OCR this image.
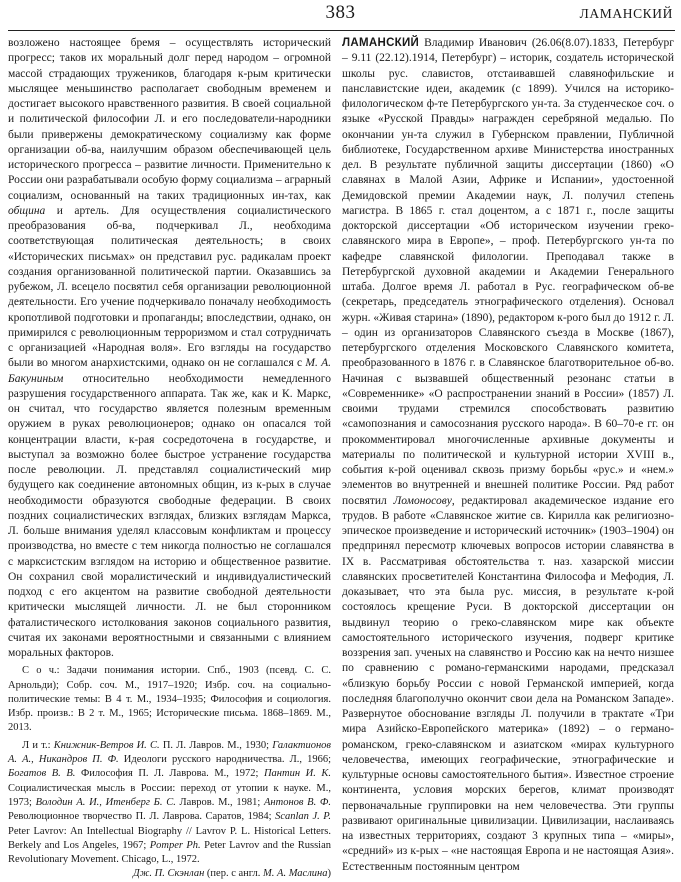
383	ЛАМАНСКИЙ

возложено настоящее бремя – осуществлять исторический прогресс; таков их моральный долг перед народом – огромной массой страдающих тружеников, благодаря к-рым критически мыслящее меньшинство располагает свободным временем и достигает высокого нравственного развития. В своей социальной и политической философии Л. и его последователи-народники были привержены демократическому социализму как форме организации об-ва, наилучшим образом обеспечивающей цель исторического прогресса – развитие личности. Применительно к России они разрабатывали особую форму социализма – аграрный социализм, основанный на таких традиционных ин-тах, как община и артель. Для осуществления социалистического преобразования об-ва, подчеркивал Л., необходима соответствующая политическая деятельность; в своих «Исторических письмах» он представил рус. радикалам проект создания организованной политической партии. Оказавшись за рубежом, Л. всецело посвятил себя организации революционной деятельности. Его учение подчеркивало поначалу необходимость кропотливой подготовки и пропаганды; впоследствии, однако, он примирился с революционным терроризмом и стал сотрудничать с организацией «Народная воля». Его взгляды на государство были во многом анархистскими, однако он не соглашался с М. А. Бакуниным относительно необходимости немедленного разрушения государственного аппарата. Так же, как и К. Маркс, он считал, что государство является полезным временным оружием в руках революционеров; однако он опасался той концентрации власти, к-рая сосредоточена в государстве, и выступал за возможно более быстрое устранение государства после революции. Л. представлял социалистический мир будущего как соединение автономных общин, из к-рых в случае необходимости образуются свободные федерации. В своих поздних социалистических взглядах, близких взглядам Маркса, Л. больше внимания уделял классовым конфликтам и процессу производства, но вместе с тем никогда полностью не соглашался с марксистским взглядом на историю и общественное развитие. Он сохранил свой моралистический и индивидуалистический подход с его акцентом на развитие свободной деятельности критически мыслящей личности. Л. не был сторонником фаталистического истолкования законов социального развития, считая их законами вероятностными и связанными с влиянием моральных факторов.

С о ч.: Задачи понимания истории. Спб., 1903 (псевд. С. С. Арнольди); Собр. соч. М., 1917–1920; Избр. соч. на социально-политические темы: В 4 т. М., 1934–1935; Философия и социология. Избр. произв.: В 2 т. М., 1965; Исторические письма. 1868–1869. М., 2013.

Л и т.: Книжник-Ветров И. С. П. Л. Лавров. М., 1930; Галактионов А. А., Никандров П. Ф. Идеологи русского народничества. Л., 1966; Богатов В. В. Философия П. Л. Лаврова. М., 1972; Пантин И. К. Социалистическая мысль в России: переход от утопии к науке. М., 1973; Володин А. И., Итенберг Б. С. Лавров. М., 1981; Антонов В. Ф. Революционное творчество П. Л. Лаврова. Саратов, 1984; Scanlan J. P. Peter Lavrov: An Intellectual Biography // Lavrov P. L. Historical Letters. Berkely and Los Angeles, 1967; Pomper Ph. Peter Lavrov and the Russian Revolutionary Movement. Chicago, L., 1972.

Дж. П. Скэнлан (пер. с англ. М. А. Маслина)

ЛАМАНСКИЙ Владимир Иванович (26.06(8.07).1833, Петербург – 9.11 (22.12).1914, Петербург) – историк, создатель исторической школы рус. славистов, отстаивавшей славянофильские и панславистские идеи, академик (с 1899). Учился на историко-филологическом ф-те Петербургского ун-та. За студенческое соч. о языке «Русской Правды» награжден серебряной медалью. По окончании ун-та служил в Губернском правлении, Публичной библиотеке, Государственном архиве Министерства иностранных дел. В результате публичной защиты диссертации (1860) «О славянах в Малой Азии, Африке и Испании», удостоенной Демидовской премии Академии наук, Л. получил степень магистра. В 1865 г. стал доцентом, а с 1871 г., после защиты докторской диссертации «Об историческом изучении греко-славянского мира в Европе», – проф. Петербургского ун-та по кафедре славянской филологии. Преподавал также в Петербургской духовной академии и Академии Генерального штаба. Долгое время Л. работал в Рус. географическом об-ве (секретарь, председатель этнографического отделения). Основал журн. «Живая старина» (1890), редактором к-рого был до 1912 г. Л. – один из организаторов Славянского съезда в Москве (1867), петербургского отделения Московского Славянского комитета, преобразованного в 1876 г. в Славянское благотворительное об-во. Начиная с вызвавшей общественный резонанс статьи в «Современнике» «О распространении знаний в России» (1857) Л. своими трудами стремился способствовать развитию «самопознания и самосознания русского народа». В 60–70-е гг. он прокомментировал многочисленные архивные документы и материалы по политической и культурной истории XVIII в., события к-рой оценивал сквозь призму борьбы «рус.» и «нем.» элементов во внутренней и внешней политике России. Ряд работ посвятил Ломоносову, редактировал академическое издание его трудов. В работе «Славянское житие св. Кирилла как религиозно-эпическое произведение и исторический источник» (1903–1904) он предпринял пересмотр ключевых вопросов истории славянства в IX в. Рассматривая обстоятельства т. наз. хазарской миссии славянских просветителей Константина Философа и Мефодия, Л. доказывает, что эта была рус. миссия, в результате к-рой состоялось крещение Руси. В докторской диссертации он выдвинул теорию о греко-славянском мире как объекте самостоятельного исторического изучения, подверг критике воззрения зап. ученых на славянство и Россию как на нечто низшее по сравнению с романо-германскими народами, предсказал «близкую борьбу России с новой Германской империей, когда последняя благополучно окончит свои дела на Романском Западе». Развернутое обоснование взгляды Л. получили в трактате «Три мира Азийско-Европейского материка» (1892) – о германо-романском, греко-славянском и азиатском «мирах культурного человечества, имеющих географические, этнографические и культурные основы самостоятельного бытия». Известное строение континента, условия морских берегов, климат производят первоначальные группировки на нем человечества. Эти группы развивают оригинальные цивилизации. Цивилизации, наслаиваясь на известных территориях, создают 3 крупных типа – «миры», «средний» из к-рых – «не настоящая Европа и не настоящая Азия». Естественным постоянным центром
